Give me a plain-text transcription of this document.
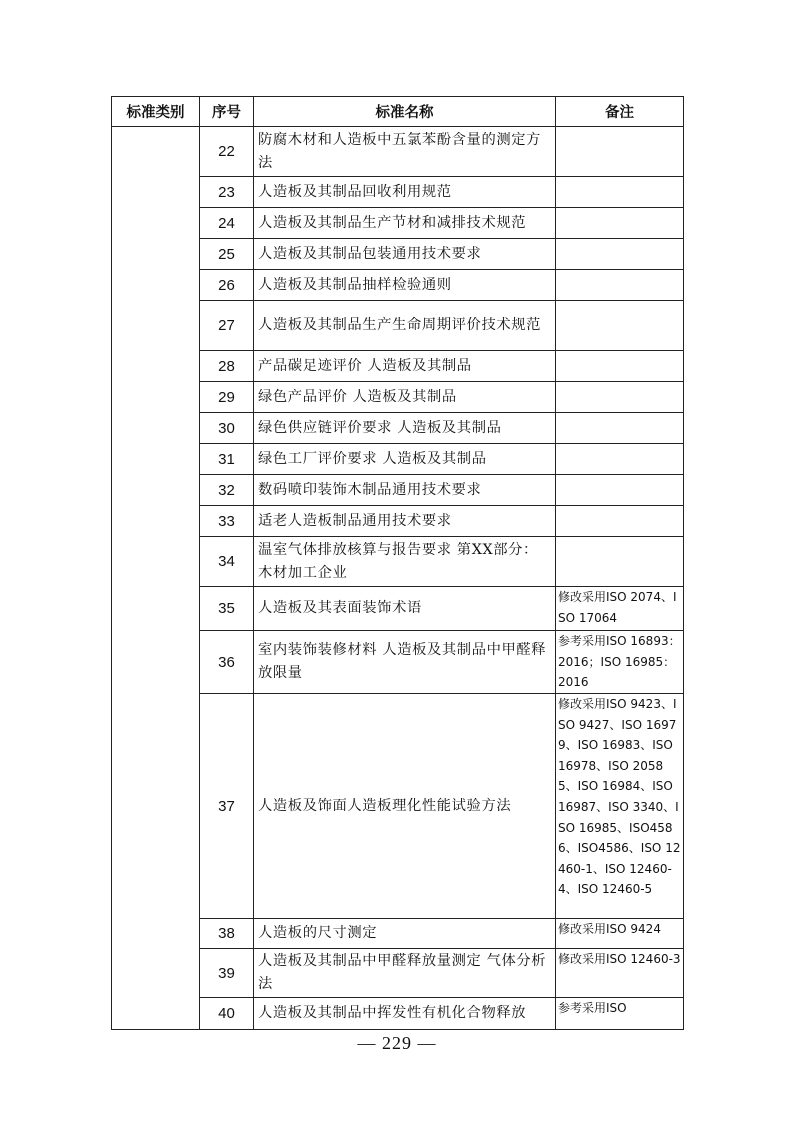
标准类别	序号	标准名称	备注
	22	防腐木材和人造板中五氯苯酚含量的测定方法	
	23	人造板及其制品回收利用规范	
	24	人造板及其制品生产节材和减排技术规范	
	25	人造板及其制品包装通用技术要求	
	26	人造板及其制品抽样检验通则	
	27	人造板及其制品生产生命周期评价技术规范	
	28	产品碳足迹评价 人造板及其制品	
	29	绿色产品评价 人造板及其制品	
	30	绿色供应链评价要求 人造板及其制品	
	31	绿色工厂评价要求 人造板及其制品	
	32	数码喷印装饰木制品通用技术要求	
	33	适老人造板制品通用技术要求	
	34	温室气体排放核算与报告要求 第XX部分：木材加工企业	
	35	人造板及其表面装饰术语	修改采用ISO 2074、ISO 17064
	36	室内装饰装修材料 人造板及其制品中甲醛释放限量	参考采用ISO 16893：2016；ISO 16985：2016
	37	人造板及饰面人造板理化性能试验方法	修改采用ISO 9423、ISO 9427、ISO 16979、ISO 16983、ISO 16978、ISO 20585、ISO 16984、ISO 16987、ISO 3340、ISO 16985、ISO4586、ISO4586、ISO 12460-1、ISO 12460-4、ISO 12460-5
	38	人造板的尺寸测定	修改采用ISO 9424
	39	人造板及其制品中甲醛释放量测定 气体分析法	修改采用ISO 12460-3
	40	人造板及其制品中挥发性有机化合物释放	参考采用ISO
— 229 —
